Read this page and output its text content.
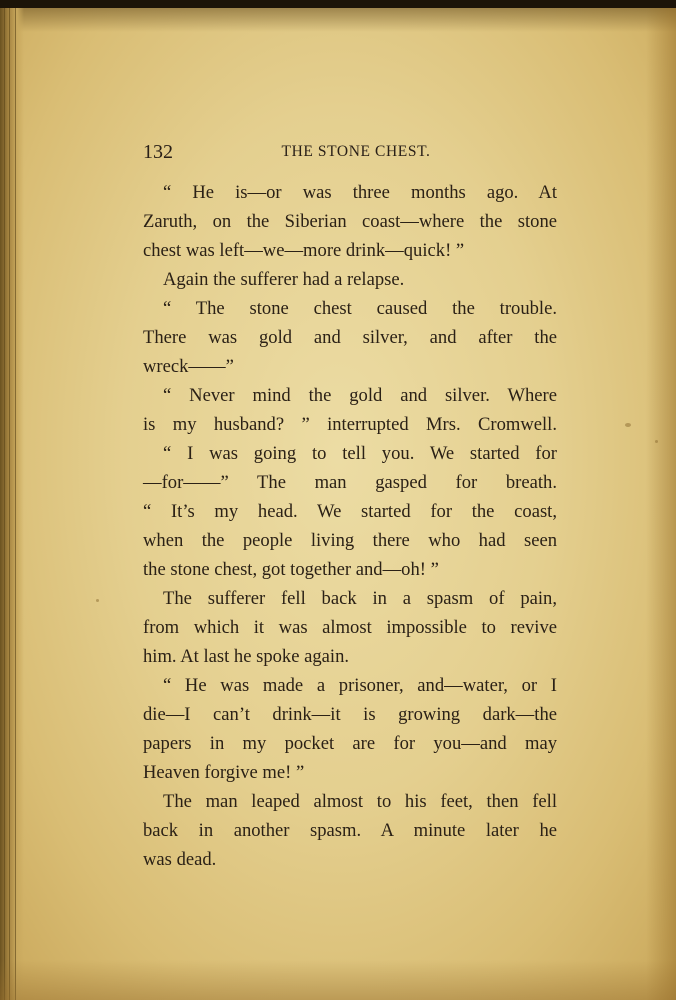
132	THE STONE CHEST.
“ He is—or was three months ago. At
Zaruth, on the Siberian coast—where the stone
chest was left—we—more drink—quick! ”
Again the sufferer had a relapse.
“ The stone chest caused the trouble.
There was gold and silver, and after the
wreck——”
“ Never mind the gold and silver. Where
is my husband? ” interrupted Mrs. Cromwell.
“ I was going to tell you. We started for
—for——” The man gasped for breath.
“ It’s my head. We started for the coast,
when the people living there who had seen
the stone chest, got together and—oh! ”
The sufferer fell back in a spasm of pain,
from which it was almost impossible to revive
him. At last he spoke again.
“ He was made a prisoner, and—water, or I
die—I can’t drink—it is growing dark—the
papers in my pocket are for you—and may
Heaven forgive me! ”
The man leaped almost to his feet, then fell
back in another spasm. A minute later he
was dead.
